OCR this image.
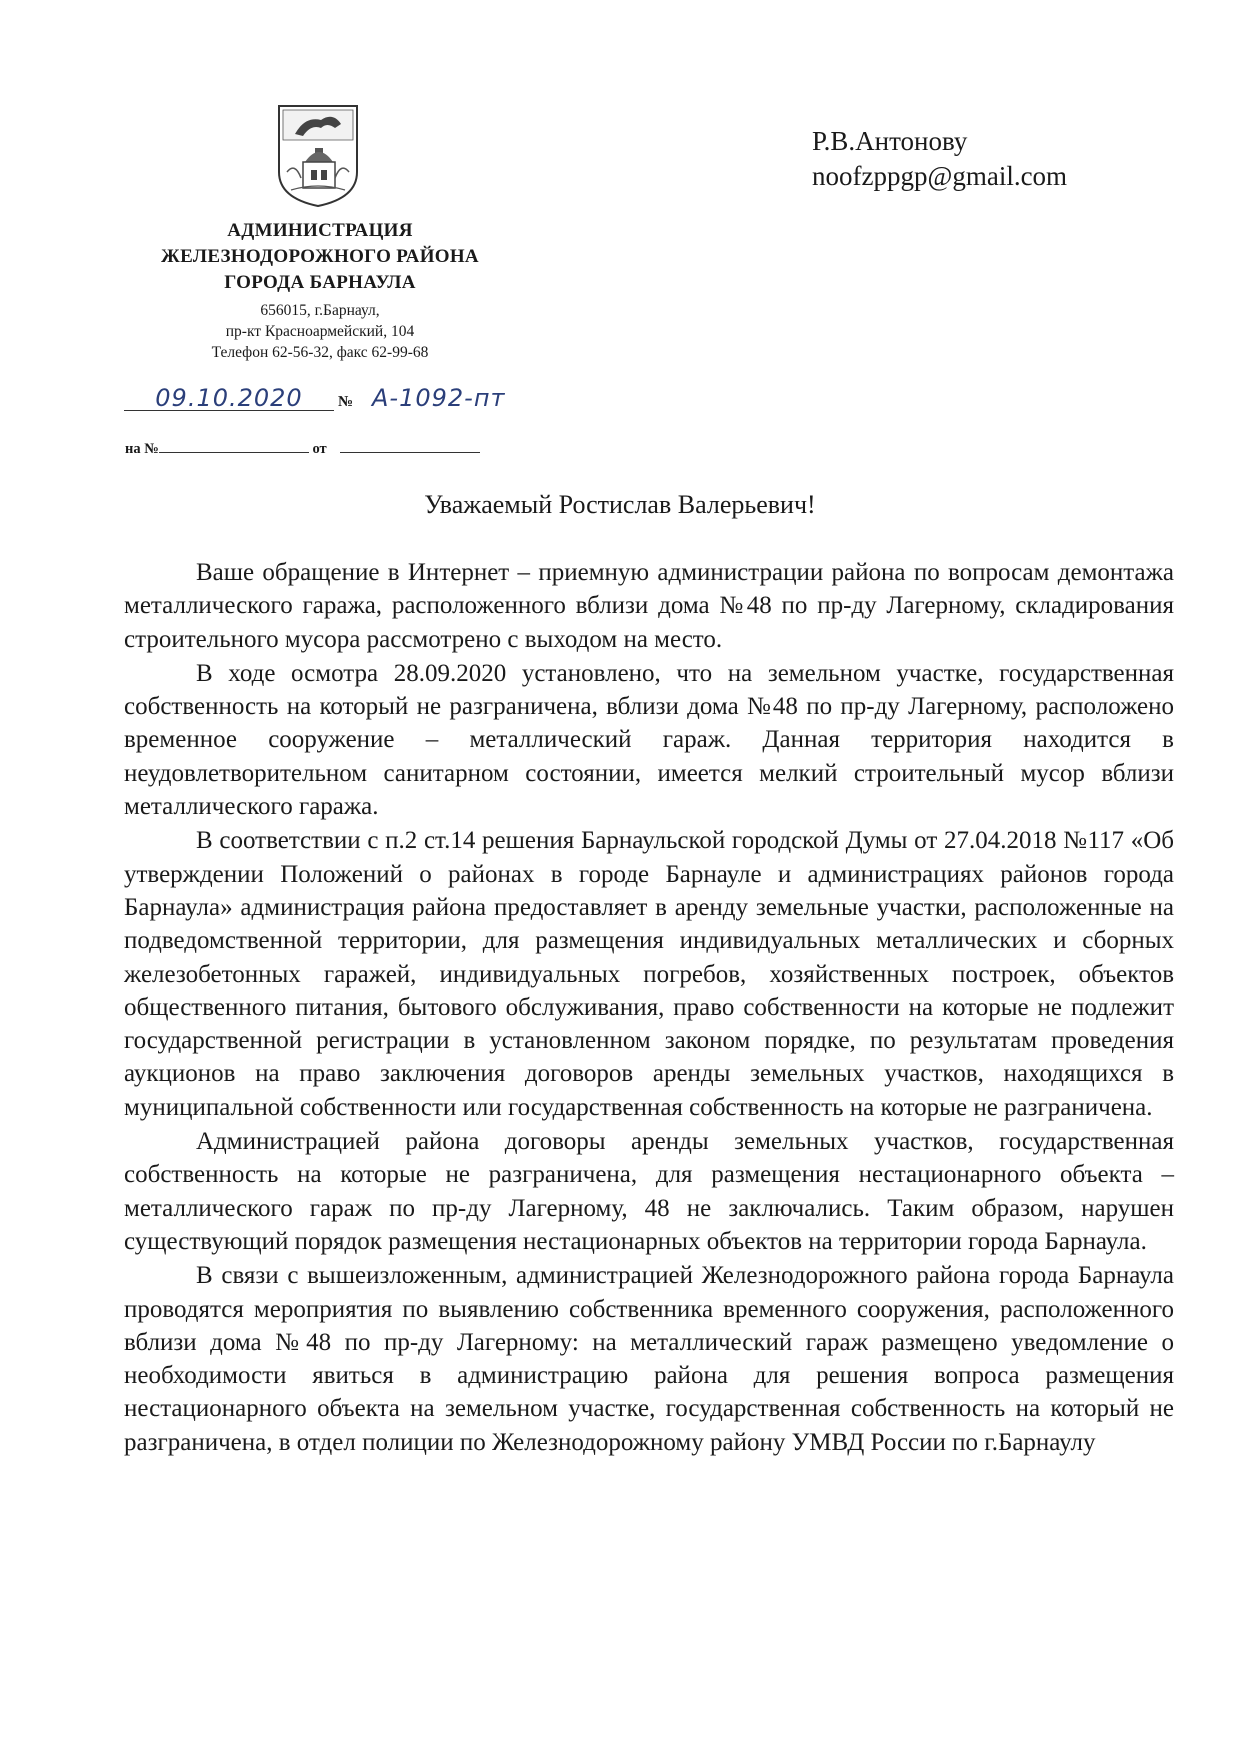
АДМИНИСТРАЦИЯ
ЖЕЛЕЗНОДОРОЖНОГО РАЙОНА
ГОРОДА БАРНАУЛА
656015, г.Барнаул,
пр-кт Красноармейский, 104
Телефон 62-56-32, факс 62-99-68
09.10.2020	№ А-1092-пт
на №	от
Р.В.Антонову
noofzppgp@gmail.com
Уважаемый Ростислав Валерьевич!

Ваше обращение в Интернет – приемную администрации района по вопросам демонтажа металлического гаража, расположенного вблизи дома №48 по пр-ду Лагерному, складирования строительного мусора рассмотрено с выходом на место.

В ходе осмотра 28.09.2020 установлено, что на земельном участке, государственная собственность на который не разграничена, вблизи дома №48 по пр-ду Лагерному, расположено временное сооружение – металлический гараж. Данная территория находится в неудовлетворительном санитарном состоянии, имеется мелкий строительный мусор вблизи металлического гаража.

В соответствии с п.2 ст.14 решения Барнаульской городской Думы от 27.04.2018 №117 «Об утверждении Положений о районах в городе Барнауле и администрациях районов города Барнаула» администрация района предоставляет в аренду земельные участки, расположенные на подведомственной территории, для размещения индивидуальных металлических и сборных железобетонных гаражей, индивидуальных погребов, хозяйственных построек, объектов общественного питания, бытового обслуживания, право собственности на которые не подлежит государственной регистрации в установленном законом порядке, по результатам проведения аукционов на право заключения договоров аренды земельных участков, находящихся в муниципальной собственности или государственная собственность на которые не разграничена.

Администрацией района договоры аренды земельных участков, государственная собственность на которые не разграничена, для размещения нестационарного объекта – металлического гараж по пр-ду Лагерному, 48 не заключались. Таким образом, нарушен существующий порядок размещения нестационарных объектов на территории города Барнаула.

В связи с вышеизложенным, администрацией Железнодорожного района города Барнаула проводятся мероприятия по выявлению собственника временного сооружения, расположенного вблизи дома №48 по пр-ду Лагерному: на металлический гараж размещено уведомление о необходимости явиться в администрацию района для решения вопроса размещения нестационарного объекта на земельном участке, государственная собственность на который не разграничена, в отдел полиции по Железнодорожному району УМВД России по г.Барнаулу
